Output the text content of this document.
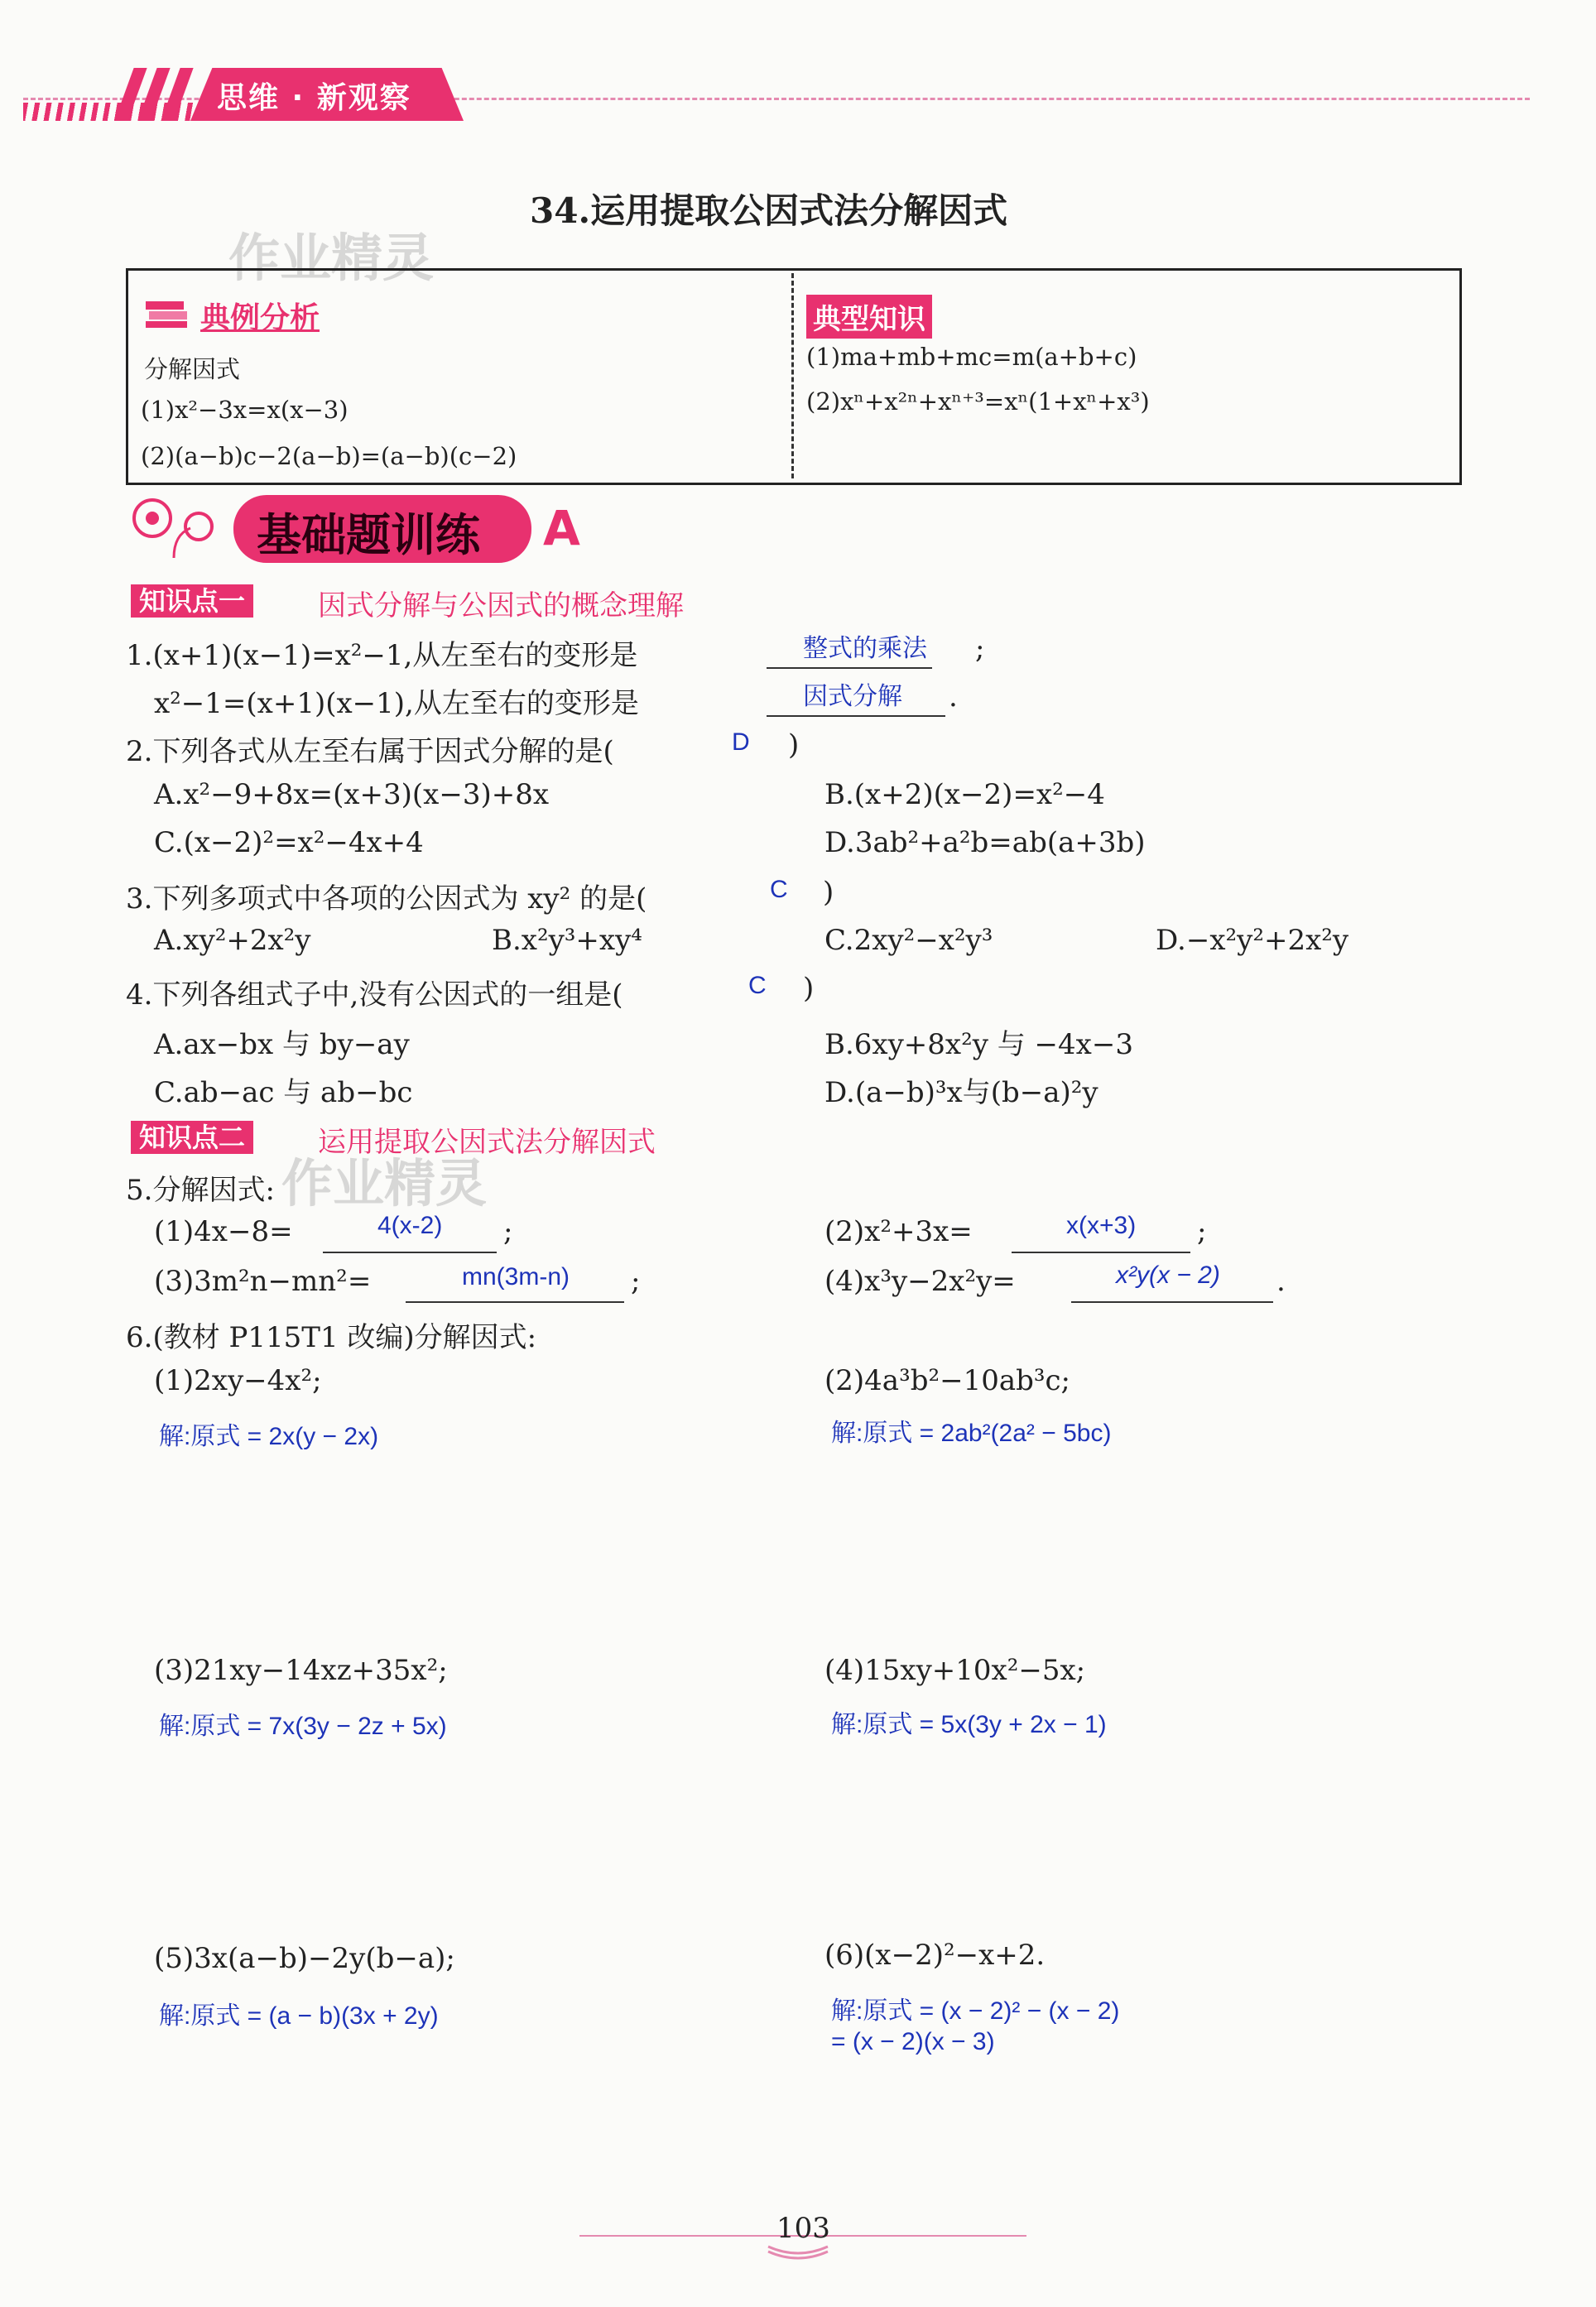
思维 · 新观察
34.运用提取公因式法分解因式
作业精灵
典例分析
分解因式
(1)x²−3x=x(x−3)
(2)(a−b)c−2(a−b)=(a−b)(c−2)
典型知识
(1)ma+mb+mc=m(a+b+c)
(2)xⁿ+x²ⁿ+xⁿ⁺³=xⁿ(1+xⁿ+x³)
基础题训练 A
知识点一	因式分解与公因式的概念理解
1.(x+1)(x−1)=x²−1,从左至右的变形是	整式的乘法 ;
x²−1=(x+1)(x−1),从左至右的变形是	因式分解 .
2.下列各式从左至右属于因式分解的是(	D )
A.x²−9+8x=(x+3)(x−3)+8x	B.(x+2)(x−2)=x²−4
C.(x−2)²=x²−4x+4	D.3ab²+a²b=ab(a+3b)
3.下列多项式中各项的公因式为 xy² 的是(	C )
A.xy²+2x²y	B.x²y³+xy⁴	C.2xy²−x²y³	D.−x²y²+2x²y
4.下列各组式子中,没有公因式的一组是(	C )
A.ax−bx 与 by−ay	B.6xy+8x²y 与 −4x−3
C.ab−ac 与 ab−bc	D.(a−b)³x与(b−a)²y
知识点二	运用提取公因式法分解因式
作业精灵
5.分解因式:
(1)4x−8=	4(x-2) ;	(2)x²+3x=	x(x+3) ;
(3)3m²n−mn²=	mn(3m-n) ;	(4)x³y−2x²y=	x²y(x − 2) .
6.(教材 P115T1 改编)分解因式:
(1)2xy−4x²;
解:原式 = 2x(y − 2x)
(2)4a³b²−10ab³c;
解:原式 = 2ab²(2a² − 5bc)
(3)21xy−14xz+35x²;
解:原式 = 7x(3y − 2z + 5x)
(4)15xy+10x²−5x;
解:原式 = 5x(3y + 2x − 1)
(5)3x(a−b)−2y(b−a);
解:原式 = (a − b)(3x + 2y)
(6)(x−2)²−x+2.
解:原式 = (x − 2)² − (x − 2)
= (x − 2)(x − 3)
103
